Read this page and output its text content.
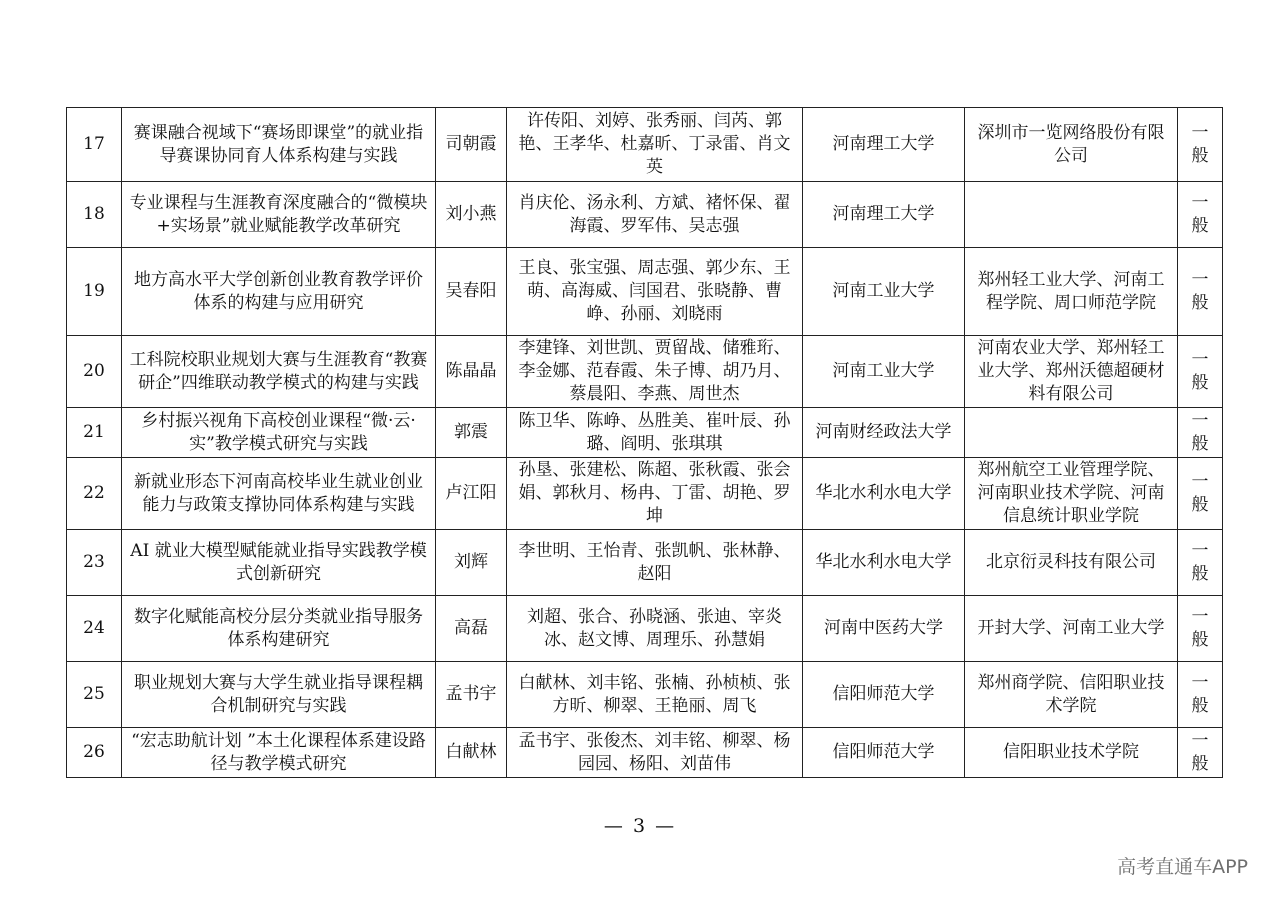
17	赛课融合视域下“赛场即课堂”的就业指导赛课协同育人体系构建与实践	司朝霞	许传阳、刘婷、张秀丽、闫芮、郭艳、王孝华、杜嘉昕、丁录雷、肖文英	河南理工大学	深圳市一览网络股份有限公司	一般
18	专业课程与生涯教育深度融合的“微模块+实场景”就业赋能教学改革研究	刘小燕	肖庆伦、汤永利、方斌、褚怀保、翟海霞、罗军伟、吴志强	河南理工大学		一般
19	地方高水平大学创新创业教育教学评价体系的构建与应用研究	吴春阳	王良、张宝强、周志强、郭少东、王萌、高海威、闫国君、张晓静、曹峥、孙丽、刘晓雨	河南工业大学	郑州轻工业大学、河南工程学院、周口师范学院	一般
20	工科院校职业规划大赛与生涯教育“教赛研企”四维联动教学模式的构建与实践	陈晶晶	李建锋、刘世凯、贾留战、储雅珩、李金娜、范春霞、朱子博、胡乃月、蔡晨阳、李燕、周世杰	河南工业大学	河南农业大学、郑州轻工业大学、郑州沃德超硬材料有限公司	一般
21	乡村振兴视角下高校创业课程“微·云·实”教学模式研究与实践	郭震	陈卫华、陈峥、丛胜美、崔叶辰、孙璐、阎明、张琪琪	河南财经政法大学		一般
22	新就业形态下河南高校毕业生就业创业能力与政策支撑协同体系构建与实践	卢江阳	孙垦、张建松、陈超、张秋霞、张会娟、郭秋月、杨冉、丁雷、胡艳、罗坤	华北水利水电大学	郑州航空工业管理学院、河南职业技术学院、河南信息统计职业学院	一般
23	AI 就业大模型赋能就业指导实践教学模式创新研究	刘辉	李世明、王怡青、张凯帆、张林静、赵阳	华北水利水电大学	北京衍灵科技有限公司	一般
24	数字化赋能高校分层分类就业指导服务体系构建研究	高磊	刘超、张合、孙晓涵、张迪、宰炎冰、赵文博、周理乐、孙慧娟	河南中医药大学	开封大学、河南工业大学	一般
25	职业规划大赛与大学生就业指导课程耦合机制研究与实践	孟书宇	白献林、刘丰铭、张楠、孙桢桢、张方昕、柳翠、王艳丽、周飞	信阳师范大学	郑州商学院、信阳职业技术学院	一般
26	“宏志助航计划 ”本土化课程体系建设路径与教学模式研究	白献林	孟书宇、张俊杰、刘丰铭、柳翠、杨园园、杨阳、刘苗伟	信阳师范大学	信阳职业技术学院	一般
— 3 —
高考直通车APP
